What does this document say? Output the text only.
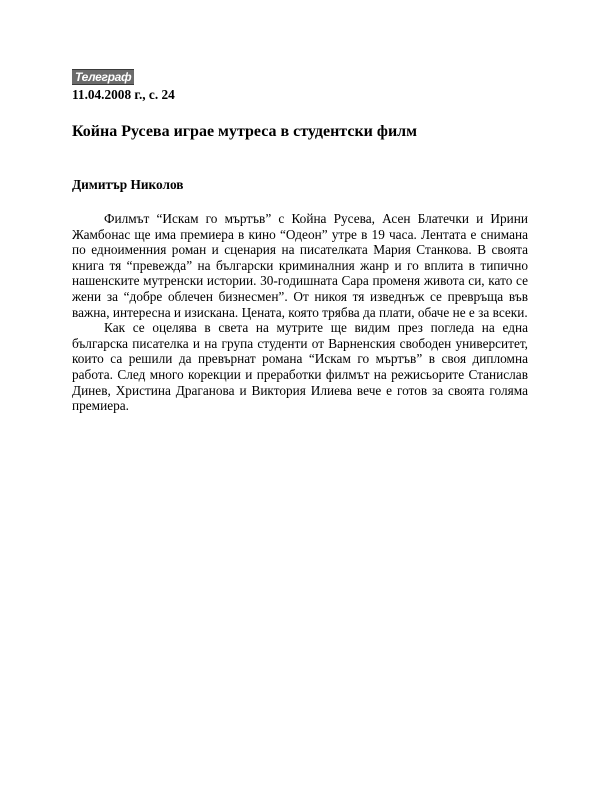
Телеграф
11.04.2008 г., с. 24
Койна Русева играе мутреса в студентски филм
Димитър Николов

Филмът “Искам го мъртъв” с Койна Русева, Асен Блатечки и Ирини Жамбонас ще има премиера в кино “Одеон” утре в 19 часа. Лентата е снимана по едноименния роман и сценария на писателката Мария Станкова. В своята книга тя “превежда” на български криминалния жанр и го вплита в типично нашенските мутренски истории. 30-годишната Сара променя живота си, като се жени за “добре облечен бизнесмен”. От никоя тя изведнъж се превръща във важна, интересна и изискана. Цената, която трябва да плати, обаче не е за всеки.

Как се оцелява в света на мутрите ще видим през погледа на една българска писателка и на група студенти от Варненския свободен университет, които са решили да превърнат романа “Искам го мъртъв” в своя дипломна работа. След много корекции и преработки филмът на режисьорите Станислав Динев, Христина Драганова и Виктория Илиева вече е готов за своята голяма премиера.
